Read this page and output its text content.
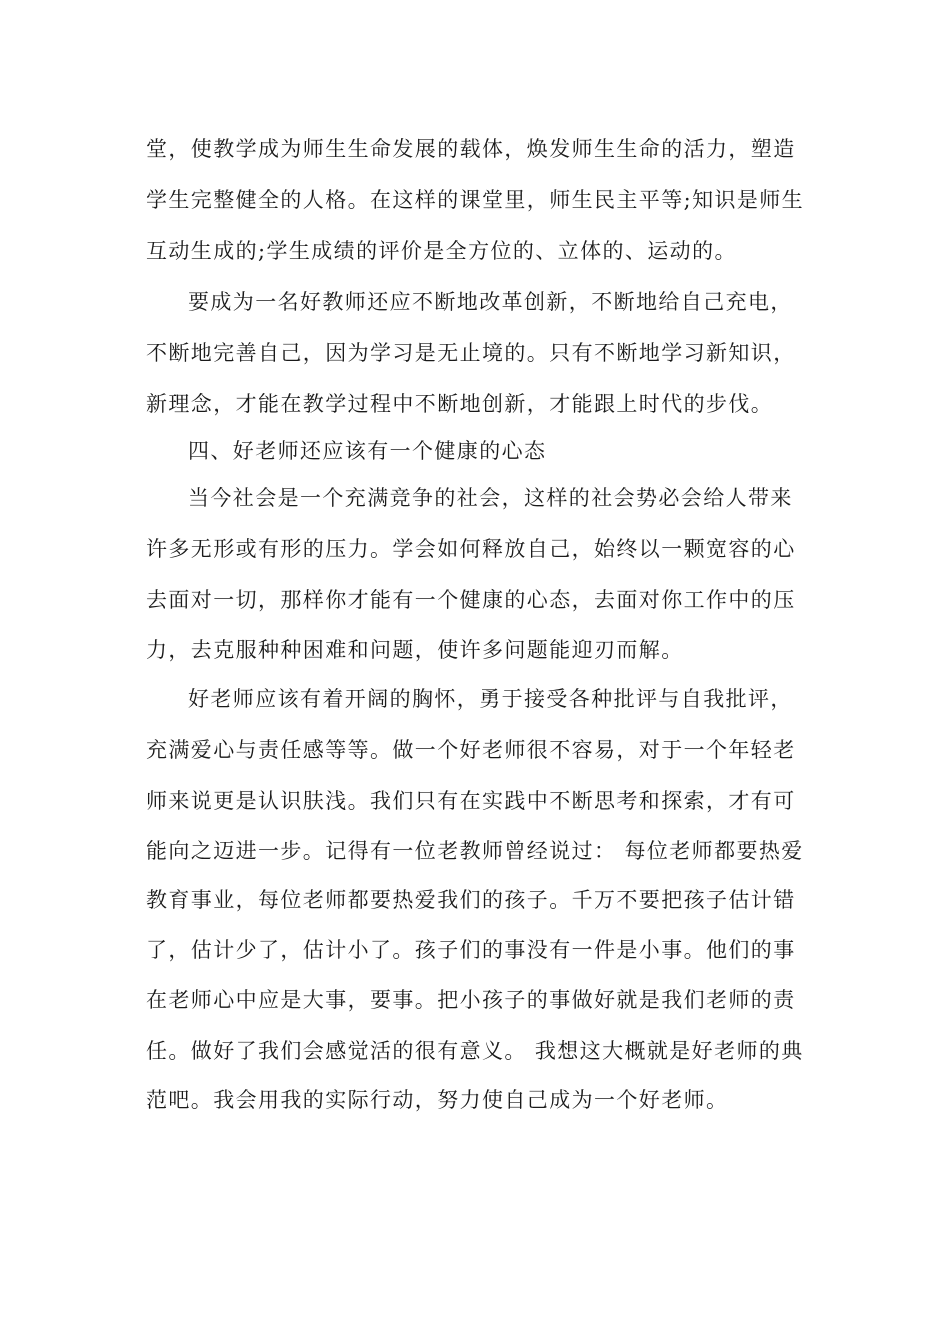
堂，使教学成为师生生命发展的载体，焕发师生生命的活力，塑造
学生完整健全的人格。在这样的课堂里，师生民主平等;知识是师生
互动生成的;学生成绩的评价是全方位的、立体的、运动的。
要成为一名好教师还应不断地改革创新，不断地给自己充电，
不断地完善自己，因为学习是无止境的。只有不断地学习新知识，
新理念，才能在教学过程中不断地创新，才能跟上时代的步伐。
四、好老师还应该有一个健康的心态
当今社会是一个充满竞争的社会，这样的社会势必会给人带来
许多无形或有形的压力。学会如何释放自己，始终以一颗宽容的心
去面对一切，那样你才能有一个健康的心态，去面对你工作中的压
力，去克服种种困难和问题，使许多问题能迎刃而解。
好老师应该有着开阔的胸怀，勇于接受各种批评与自我批评，
充满爱心与责任感等等。做一个好老师很不容易，对于一个年轻老
师来说更是认识肤浅。我们只有在实践中不断思考和探索，才有可
能向之迈进一步。记得有一位老教师曾经说过： 每位老师都要热爱
教育事业，每位老师都要热爱我们的孩子。千万不要把孩子估计错
了，估计少了，估计小了。孩子们的事没有一件是小事。他们的事
在老师心中应是大事，要事。把小孩子的事做好就是我们老师的责
任。做好了我们会感觉活的很有意义。 我想这大概就是好老师的典
范吧。我会用我的实际行动，努力使自己成为一个好老师。
